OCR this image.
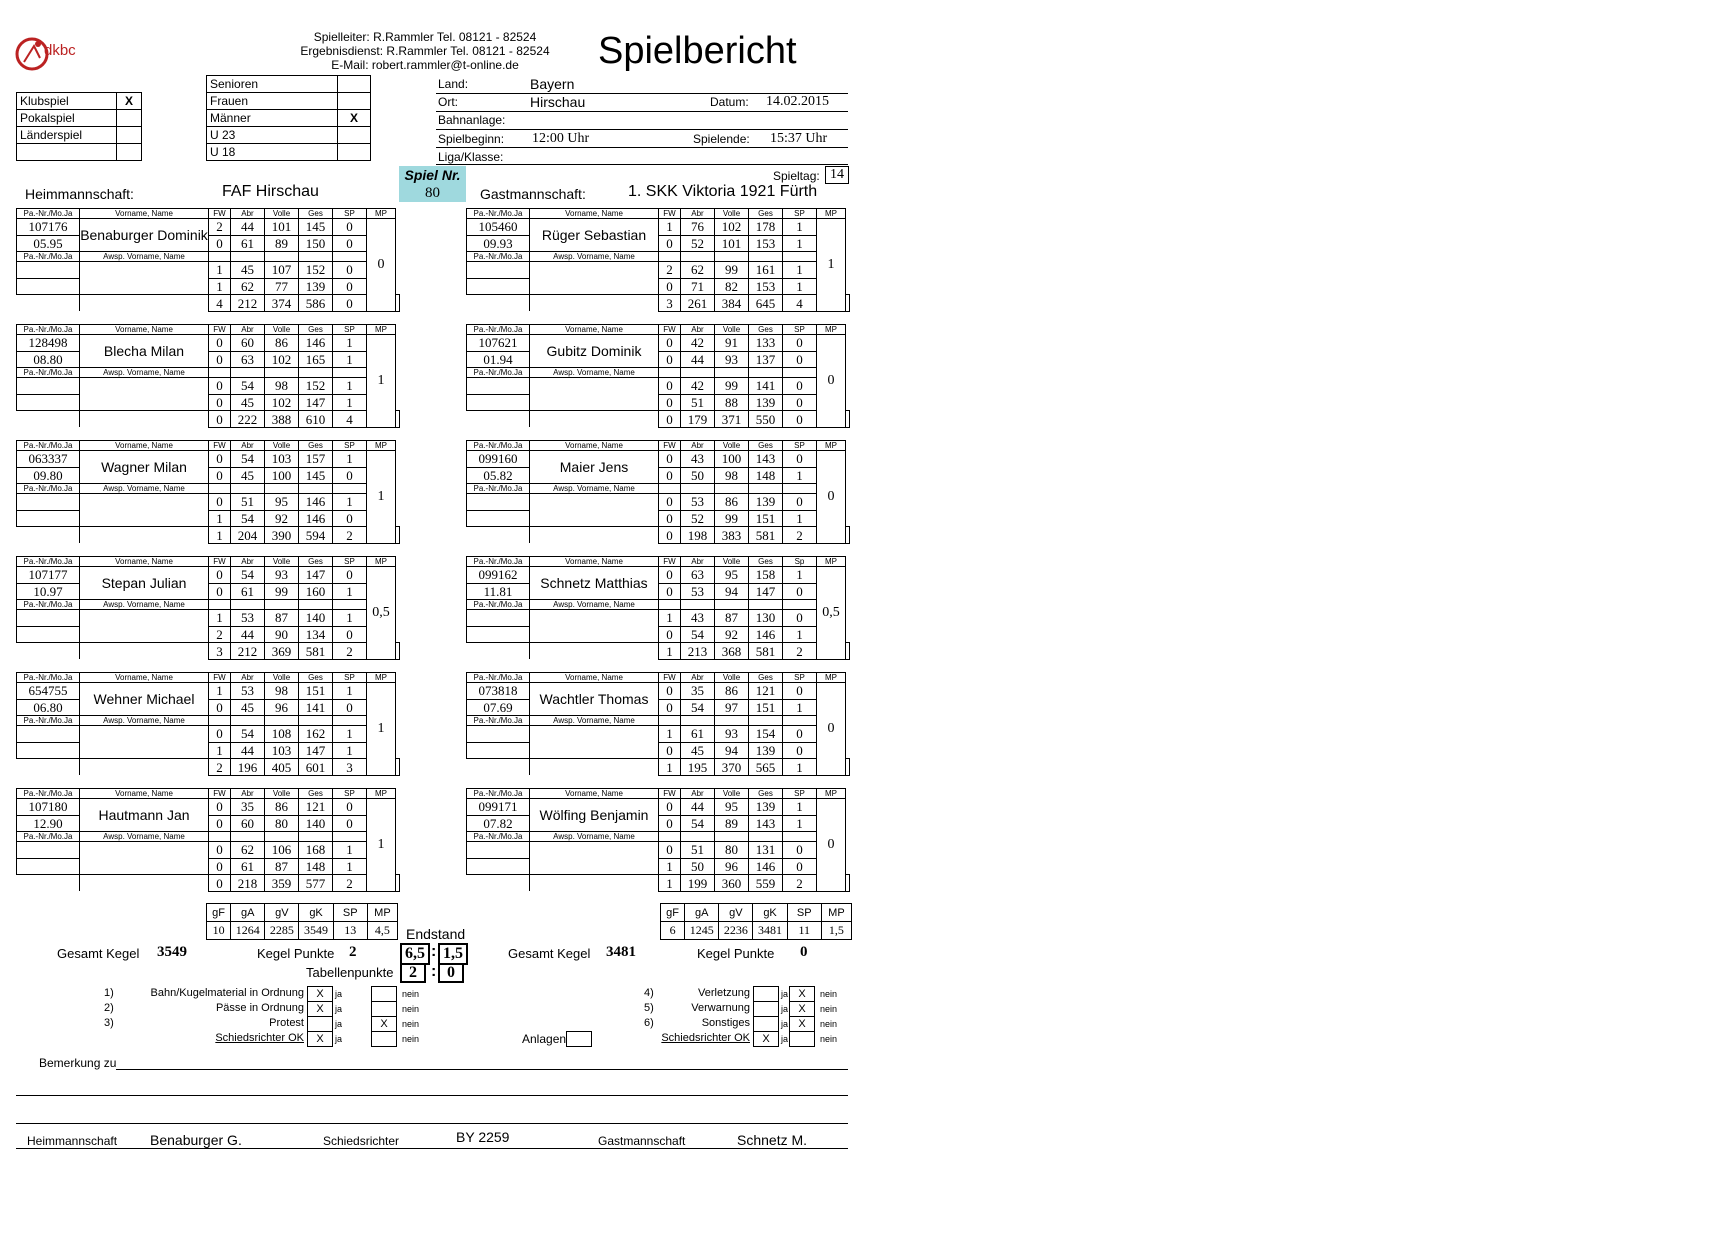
dkbc
Spielleiter: R.Rammler Tel. 08121 - 82524
Ergebnisdienst: R.Rammler Tel. 08121 - 82524
E-Mail: robert.rammler@t-online.de	Spielbericht
Klubspiel	X
Pokalspiel	
Länderspiel	

Senioren	
Frauen	
Männer	X
U 23	
U 18	
Land:	Bayern
Ort:	Hirschau	Datum: 14.02.2015
Bahnanlage:
Spielbeginn: 12:00 Uhr	Spielende: 15:37 Uhr
Liga/Klasse:
Spiel Nr.
80
Spieltag: 14
Heimmannschaft:	FAF Hirschau	Gastmannschaft:	1. SKK Viktoria 1921 Fürth
Pa.-Nr./Mo.Ja	Vorname, Name	FW	Abr	Volle	Ges	SP	MP	
107176	Benaburger Dominik	2	44	101	145	0	0	
05.95		0	61	89	150	0		
Pa.-Nr./Mo.Ja	Awsp. Vorname, Name							
		1	45	107	152	0		
		1	62	77	139	0		
		4	212	374	586	0		
Pa.-Nr./Mo.Ja	Vorname, Name	FW	Abr	Volle	Ges	SP	MP	
128498	Blecha Milan	0	60	86	146	1	1	
08.80		0	63	102	165	1		
Pa.-Nr./Mo.Ja	Awsp. Vorname, Name							
		0	54	98	152	1		
		0	45	102	147	1		
		0	222	388	610	4		
Pa.-Nr./Mo.Ja	Vorname, Name	FW	Abr	Volle	Ges	SP	MP	
063337	Wagner Milan	0	54	103	157	1	1	
09.80		0	45	100	145	0		
Pa.-Nr./Mo.Ja	Awsp. Vorname, Name							
		0	51	95	146	1		
		1	54	92	146	0		
		1	204	390	594	2		
Pa.-Nr./Mo.Ja	Vorname, Name	FW	Abr	Volle	Ges	SP	MP	
107177	Stepan Julian	0	54	93	147	0	0,5	
10.97		0	61	99	160	1		
Pa.-Nr./Mo.Ja	Awsp. Vorname, Name							
		1	53	87	140	1		
		2	44	90	134	0		
		3	212	369	581	2		
Pa.-Nr./Mo.Ja	Vorname, Name	FW	Abr	Volle	Ges	SP	MP	
654755	Wehner Michael	1	53	98	151	1	1	
06.80		0	45	96	141	0		
Pa.-Nr./Mo.Ja	Awsp. Vorname, Name							
		0	54	108	162	1		
		1	44	103	147	1		
		2	196	405	601	3		
Pa.-Nr./Mo.Ja	Vorname, Name	FW	Abr	Volle	Ges	SP	MP	
107180	Hautmann Jan	0	35	86	121	0	1	
12.90		0	60	80	140	0		
Pa.-Nr./Mo.Ja	Awsp. Vorname, Name							
		0	62	106	168	1		
		0	61	87	148	1		
		0	218	359	577	2		
Pa.-Nr./Mo.Ja	Vorname, Name	FW	Abr	Volle	Ges	SP	MP	
105460	Rüger Sebastian	1	76	102	178	1	1	
09.93		0	52	101	153	1		
Pa.-Nr./Mo.Ja	Awsp. Vorname, Name							
		2	62	99	161	1		
		0	71	82	153	1		
		3	261	384	645	4		
Pa.-Nr./Mo.Ja	Vorname, Name	FW	Abr	Volle	Ges	SP	MP	
107621	Gubitz Dominik	0	42	91	133	0	0	
01.94		0	44	93	137	0		
Pa.-Nr./Mo.Ja	Awsp. Vorname, Name							
		0	42	99	141	0		
		0	51	88	139	0		
		0	179	371	550	0		
Pa.-Nr./Mo.Ja	Vorname, Name	FW	Abr	Volle	Ges	SP	MP	
099160	Maier Jens	0	43	100	143	0	0	
05.82		0	50	98	148	1		
Pa.-Nr./Mo.Ja	Awsp. Vorname, Name							
		0	53	86	139	0		
		0	52	99	151	1		
		0	198	383	581	2		
Pa.-Nr./Mo.Ja	Vorname, Name	FW	Abr	Volle	Ges	Sp	MP	
099162	Schnetz Matthias	0	63	95	158	1	0,5	
11.81		0	53	94	147	0		
Pa.-Nr./Mo.Ja	Awsp. Vorname, Name							
		1	43	87	130	0		
		0	54	92	146	1		
		1	213	368	581	2		
Pa.-Nr./Mo.Ja	Vorname, Name	FW	Abr	Volle	Ges	SP	MP	
073818	Wachtler Thomas	0	35	86	121	0	0	
07.69		0	54	97	151	1		
Pa.-Nr./Mo.Ja	Awsp. Vorname, Name							
		1	61	93	154	0		
		0	45	94	139	0		
		1	195	370	565	1		
Pa.-Nr./Mo.Ja	Vorname, Name	FW	Abr	Volle	Ges	SP	MP	
099171	Wölfing Benjamin	0	44	95	139	1	0	
07.82		0	54	89	143	1		
Pa.-Nr./Mo.Ja	Awsp. Vorname, Name							
		0	51	80	131	0		
		1	50	96	146	0		
		1	199	360	559	2		
gF	gA	gV	gK	SP	MP
10	1264	2285	3549	13	4,5
gF	gA	gV	gK	SP	MP
6	1245	2236	3481	11	1,5
Endstand
Gesamt Kegel 3549	Kegel Punkte 2	6,5 : 1,5	Gesamt Kegel 3481	Kegel Punkte 0
Tabellenpunkte 2 : 0
1)	Bahn/Kugelmaterial in Ordnung	X	ja	nein
2)	Pässe in Ordnung	X	ja	nein
3)	Protest	ja	X	nein
Schiedsrichter OK	X	ja	nein
4)	Verletzung	ja X	nein
5)	Verwarnung	ja X	nein
6)	Sonstiges	ja X	nein
Schiedsrichter OK	X	ja	nein
Anlagen
Bemerkung zu
Heimmannschaft Benaburger G.	Schiedsrichter	BY 2259	Gastmannschaft	Schnetz M.
